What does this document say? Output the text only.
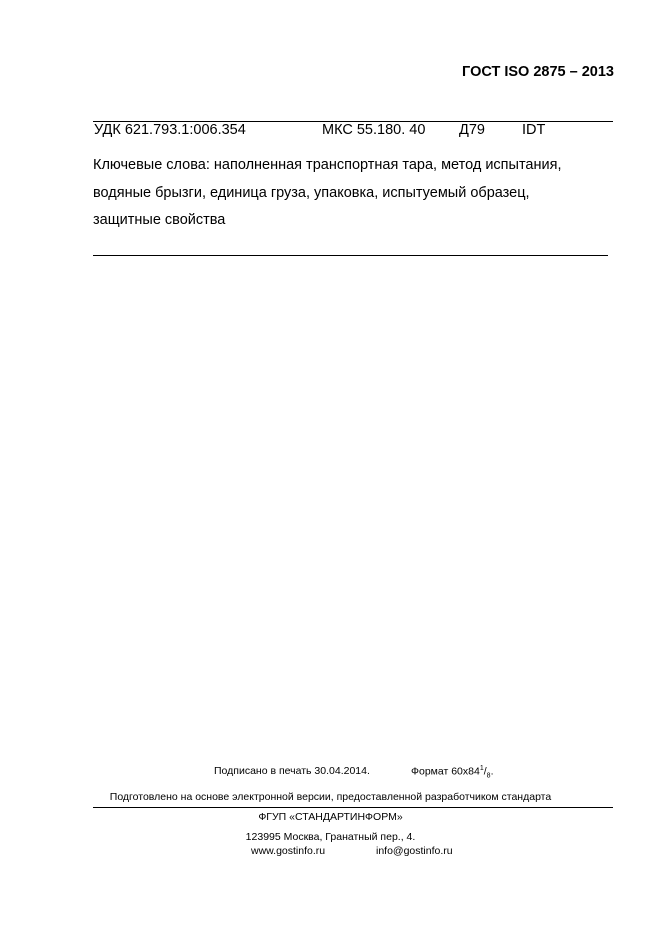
ГОСТ ISO 2875 – 2013
УДК 621.793.1:006.354	МКС 55.180. 40 Д79	IDT
Ключевые слова: наполненная транспортная тара, метод испытания,
водяные брызги, единица груза, упаковка, испытуемый образец,
защитные свойства
Подписано в печать 30.04.2014.	Формат $60х84^1/_8$.
Подготовлено на основе электронной версии, предоставленной разработчиком стандарта
ФГУП «СТАНДАРТИНФОРМ»
123995 Москва, Гранатный пер., 4.
www.gostinfo.ru	info@gostinfo.ru
